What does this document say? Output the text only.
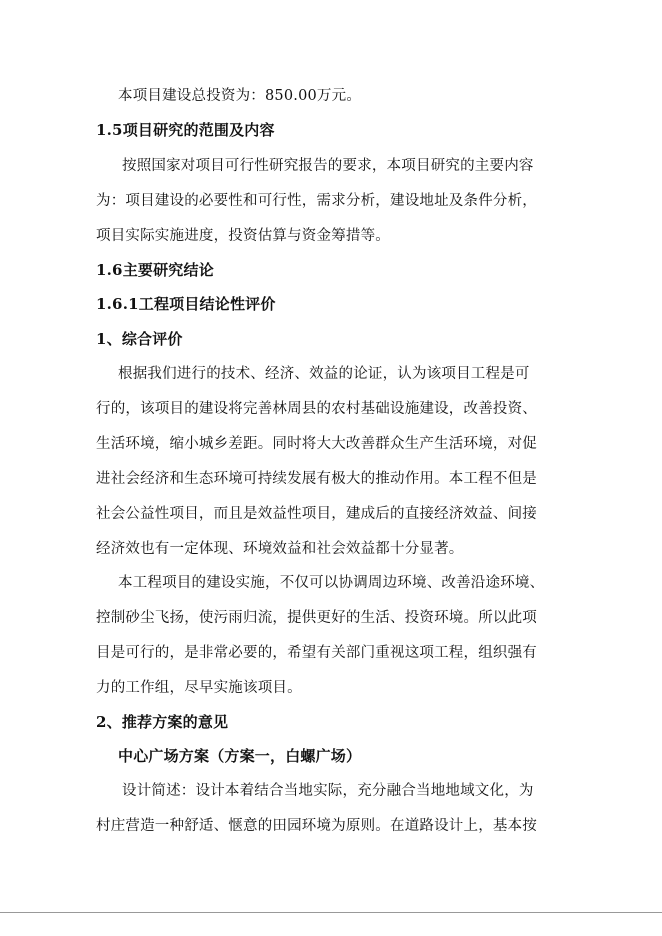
本项目建设总投资为：850.00万元。
1.5项目研究的范围及内容
按照国家对项目可行性研究报告的要求，本项目研究的主要内容
为：项目建设的必要性和可行性，需求分析，建设地址及条件分析，
项目实际实施进度，投资估算与资金筹措等。
1.6主要研究结论
1.6.1工程项目结论性评价
1、综合评价
根据我们进行的技术、经济、效益的论证，认为该项目工程是可
行的，该项目的建设将完善林周县的农村基础设施建设，改善投资、
生活环境，缩小城乡差距。同时将大大改善群众生产生活环境，对促
进社会经济和生态环境可持续发展有极大的推动作用。本工程不但是
社会公益性项目，而且是效益性项目，建成后的直接经济效益、间接
经济效也有一定体现、环境效益和社会效益都十分显著。
本工程项目的建设实施，不仅可以协调周边环境、改善沿途环境、
控制砂尘飞扬，使污雨归流，提供更好的生活、投资环境。所以此项
目是可行的，是非常必要的，希望有关部门重视这项工程，组织强有
力的工作组，尽早实施该项目。
2、推荐方案的意见
中心广场方案（方案一，白螺广场）
设计简述：设计本着结合当地实际，充分融合当地地域文化，为
村庄营造一种舒适、惬意的田园环境为原则。在道路设计上，基本按
